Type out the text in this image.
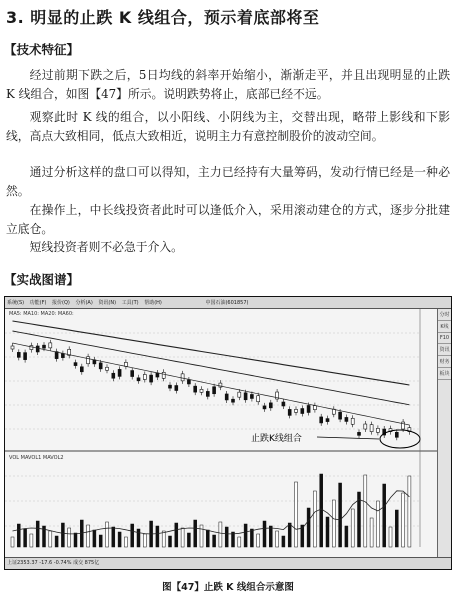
3. 明显的止跌 K 线组合，预示着底部将至
【技术特征】

经过前期下跌之后，5日均线的斜率开始缩小，渐渐走平，并且出现明显的止跌 K 线组合，如图【47】所示。说明跌势将止，底部已经不远。

观察此时 K 线的组合，以小阳线、小阴线为主，交替出现，略带上影线和下影线，高点大致相同，低点大致相近，说明主力有意控制股价的波动空间。

通过分析这样的盘口可以得知，主力已经持有大量筹码，发动行情已经是一种必然。

在操作上，中长线投资者此时可以逢低介入，采用滚动建仓的方式，逐步分批建立底仓。

短线投资者则不必急于介入。

【实战图谱】
系统(S) 功能(F) 报价(Q) 分析(A) 资讯(N) 工具(T) 帮助(H)	中国石油(601857)
MA5: MA10: MA20: MA60:
VOL MAVOL1 MAVOL2
止跌K线组合
分时
K线
F10
资讯
财务
板块
上证2353.37 -17.6 -0.74% 成交 875亿
图【47】止跌 K 线组合示意图
